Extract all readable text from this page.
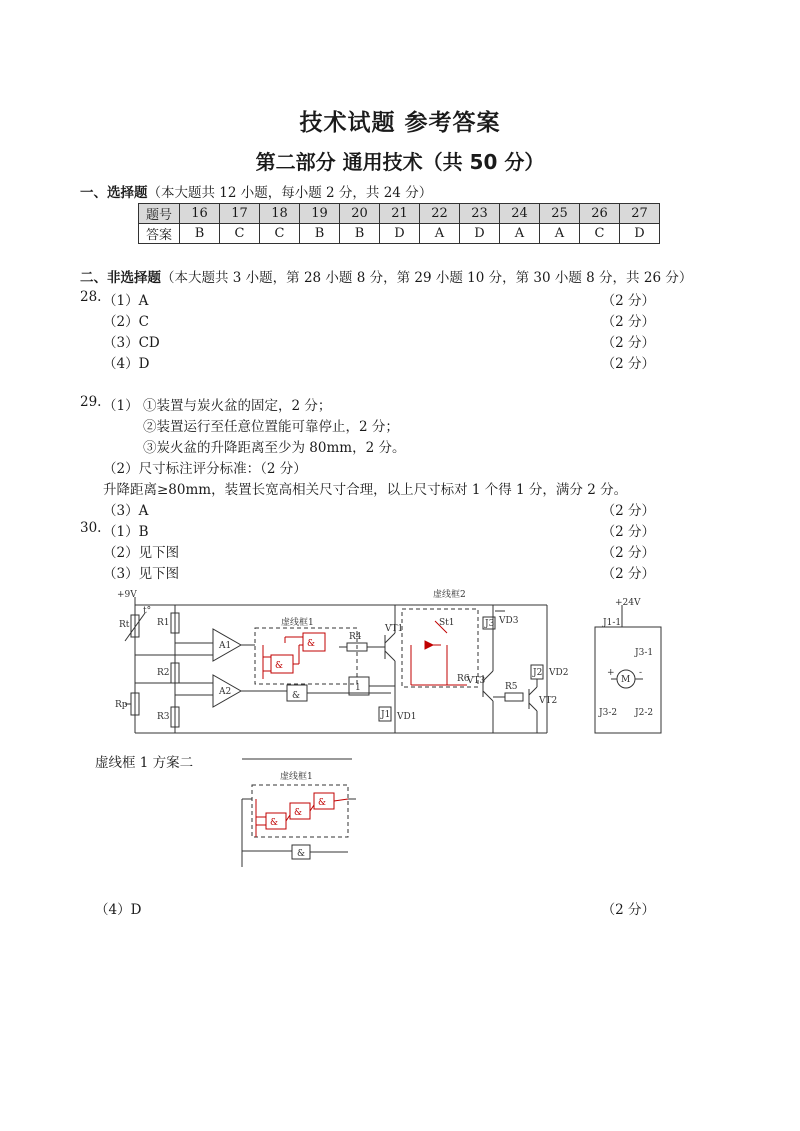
技术试题 参考答案
第二部分 通用技术（共 50 分）
一、选择题（本大题共 12 小题，每小题 2 分，共 24 分）
题号	16	17	18	19	20	21	22	23	24	25	26	27
答案	B	C	C	B	B	D	A	D	A	A	C	D
二、非选择题（本大题共 3 小题，第 28 小题 8 分，第 29 小题 10 分，第 30 小题 8 分，共 26 分）
28. （1）A	（2 分）
（2）C	（2 分）
（3）CD	（2 分）
（4）D	（2 分）
29. （1） ①装置与炭火盆的固定，2 分；
②装置运行至任意位置能可靠停止，2 分；
③炭火盆的升降距离至少为 80mm，2 分。
（2）尺寸标注评分标准：（2 分）
升降距离≥80mm，装置长宽高相关尺寸合理，以上尺寸标对 1 个得 1 分，满分 2 分。
（3）A	（2 分）
30. （1）B	（2 分）
（2）见下图	（2 分）
（3）见下图	（2 分）
+9V
Rt
t°
Rp
R1
R2
R3
A1
A2
虚线框1
虚线框2
&
&
&
1
R4
VT1
St1
R6
J3 VD3
J2 VD2
J1 VD1
VT3
R5
VT2
+24V
J1-1
J3-1
J3-2 J2-2
M
+	-
虚线框 1 方案二
虚线框1
&
&
&
&
（4）D	（2 分）
